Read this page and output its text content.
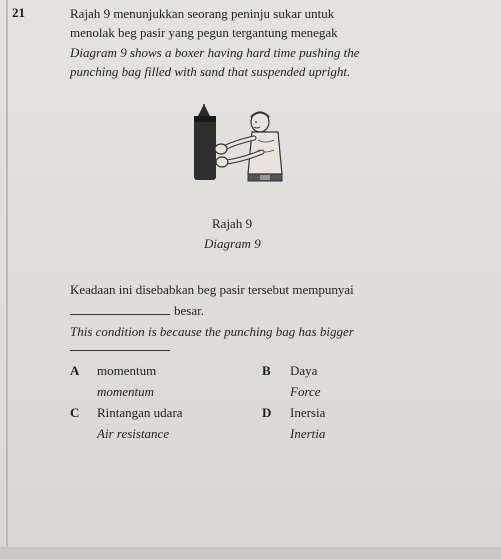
21	Rajah 9 menunjukkan seorang peninju sukar untuk
menolak beg pasir yang pegun tergantung menegak
Diagram 9 shows a boxer having hard time pushing the
punching bag filled with sand that suspended upright.
Rajah 9
Diagram 9
Keadaan ini disebabkan beg pasir tersebut mempunyai
besar.
This condition is because the punching bag has bigger
A momentum
momentum
B Daya
Force
C Rintangan udara
Air resistance
D Inersia
Inertia
